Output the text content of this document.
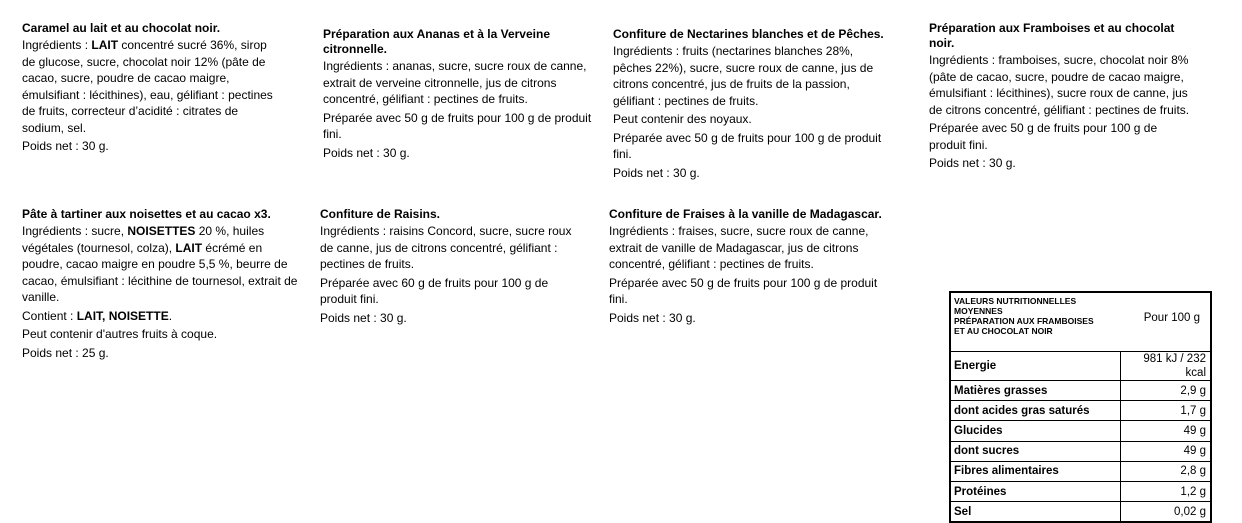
Caramel au lait et au chocolat noir.
Ingrédients : LAIT concentré sucré 36%, sirop de glucose, sucre, chocolat noir 12% (pâte de cacao, sucre, poudre de cacao maigre, émulsifiant : lécithines), eau, gélifiant : pectines de fruits, correcteur d’acidité : citrates de sodium, sel.
Poids net : 30 g.
Préparation aux Ananas et à la Verveine citronnelle.
Ingrédients : ananas, sucre, sucre roux de canne, extrait de verveine citronnelle, jus de citrons concentré, gélifiant : pectines de fruits.
Préparée avec 50 g de fruits pour 100 g de produit fini.
Poids net : 30 g.
Confiture de Nectarines blanches et de Pêches.
Ingrédients : fruits (nectarines blanches 28%, pêches 22%), sucre, sucre roux de canne, jus de citrons concentré, jus de fruits de la passion, gélifiant : pectines de fruits.
Peut contenir des noyaux.
Préparée avec 50 g de fruits pour 100 g de produit fini.
Poids net : 30 g.
Préparation aux Framboises et au chocolat noir.
Ingrédients : framboises, sucre, chocolat noir 8% (pâte de cacao, sucre, poudre de cacao maigre, émulsifiant : lécithines), sucre roux de canne, jus de citrons concentré, gélifiant : pectines de fruits.
Préparée avec 50 g de fruits pour 100 g de produit fini.
Poids net : 30 g.
Pâte à tartiner aux noisettes et au cacao x3.
Ingrédients : sucre, NOISETTES 20 %, huiles végétales (tournesol, colza), LAIT écrémé en poudre, cacao maigre en poudre 5,5 %, beurre de cacao, émulsifiant : lécithine de tournesol, extrait de vanille.
Contient : LAIT, NOISETTE.
Peut contenir d'autres fruits à coque.
Poids net : 25 g.
Confiture de Raisins.
Ingrédients : raisins Concord, sucre, sucre roux de canne, jus de citrons concentré, gélifiant : pectines de fruits.
Préparée avec 60 g de fruits pour 100 g de produit fini.
Poids net : 30 g.
Confiture de Fraises à la vanille de Madagascar.
Ingrédients : fraises, sucre, sucre roux de canne, extrait de vanille de Madagascar, jus de citrons concentré, gélifiant : pectines de fruits.
Préparée avec 50 g de fruits pour 100 g de produit fini.
Poids net : 30 g.
VALEURS NUTRITIONNELLES MOYENNES
PRÉPARATION AUX FRAMBOISES
ET AU CHOCOLAT NOIR	Pour 100 g
Energie	981 kJ / 232 kcal
Matières grasses	2,9 g
dont acides gras saturés	1,7 g
Glucides	49 g
dont sucres	49 g
Fibres alimentaires	2,8 g
Protéines	1,2 g
Sel	0,02 g
